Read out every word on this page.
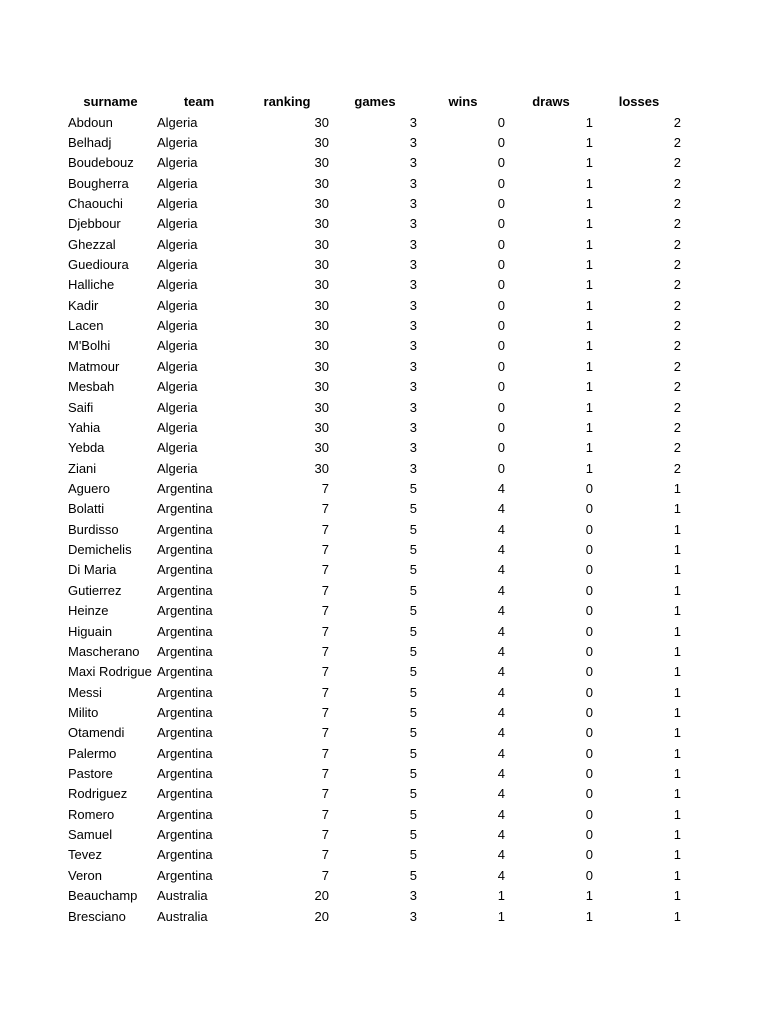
surname	team	ranking	games	wins	draws	losses
Abdoun	Algeria	30	3	0	1	2
Belhadj	Algeria	30	3	0	1	2
Boudebouz	Algeria	30	3	0	1	2
Bougherra	Algeria	30	3	0	1	2
Chaouchi	Algeria	30	3	0	1	2
Djebbour	Algeria	30	3	0	1	2
Ghezzal	Algeria	30	3	0	1	2
Guedioura	Algeria	30	3	0	1	2
Halliche	Algeria	30	3	0	1	2
Kadir	Algeria	30	3	0	1	2
Lacen	Algeria	30	3	0	1	2
M'Bolhi	Algeria	30	3	0	1	2
Matmour	Algeria	30	3	0	1	2
Mesbah	Algeria	30	3	0	1	2
Saifi	Algeria	30	3	0	1	2
Yahia	Algeria	30	3	0	1	2
Yebda	Algeria	30	3	0	1	2
Ziani	Algeria	30	3	0	1	2
Aguero	Argentina	7	5	4	0	1
Bolatti	Argentina	7	5	4	0	1
Burdisso	Argentina	7	5	4	0	1
Demichelis	Argentina	7	5	4	0	1
Di Maria	Argentina	7	5	4	0	1
Gutierrez	Argentina	7	5	4	0	1
Heinze	Argentina	7	5	4	0	1
Higuain	Argentina	7	5	4	0	1
Mascherano	Argentina	7	5	4	0	1
Maxi Rodrigue	Argentina	7	5	4	0	1
Messi	Argentina	7	5	4	0	1
Milito	Argentina	7	5	4	0	1
Otamendi	Argentina	7	5	4	0	1
Palermo	Argentina	7	5	4	0	1
Pastore	Argentina	7	5	4	0	1
Rodriguez	Argentina	7	5	4	0	1
Romero	Argentina	7	5	4	0	1
Samuel	Argentina	7	5	4	0	1
Tevez	Argentina	7	5	4	0	1
Veron	Argentina	7	5	4	0	1
Beauchamp	Australia	20	3	1	1	1
Bresciano	Australia	20	3	1	1	1
